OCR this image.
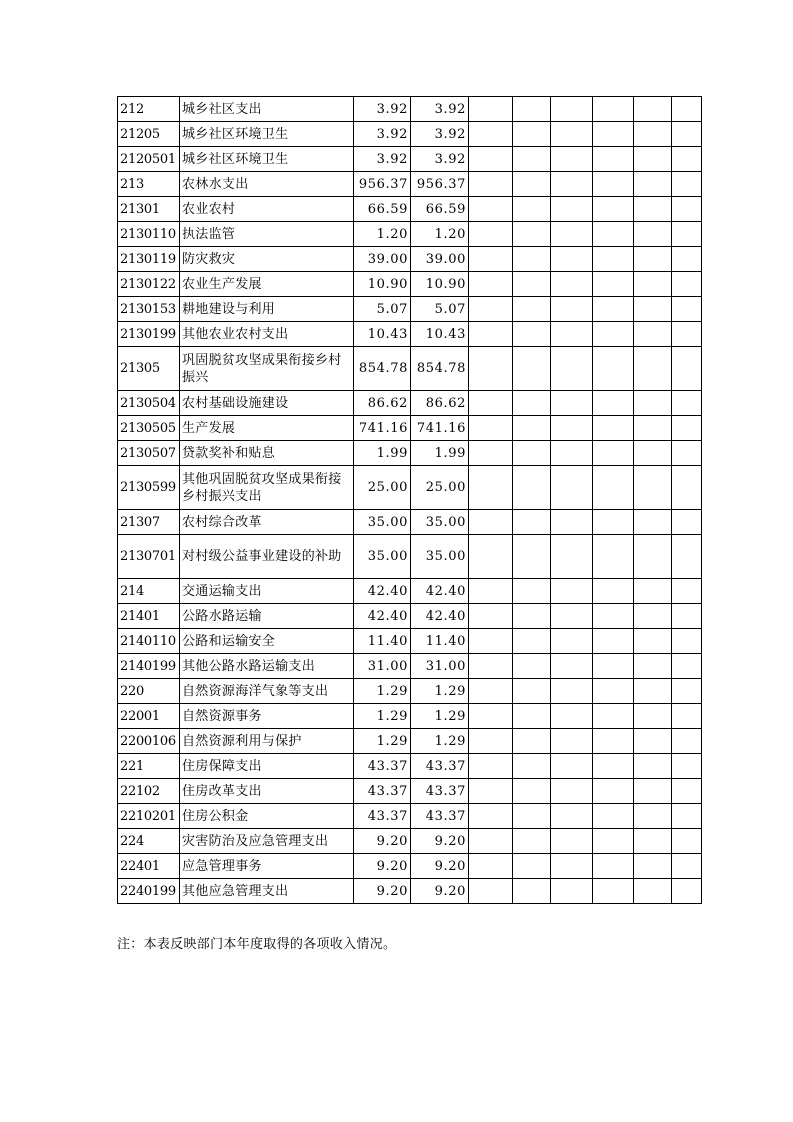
212	城乡社区支出	3.92	3.92						
21205	城乡社区环境卫生	3.92	3.92						
2120501	城乡社区环境卫生	3.92	3.92						
213	农林水支出	956.37	956.37						
21301	农业农村	66.59	66.59						
2130110	执法监管	1.20	1.20						
2130119	防灾救灾	39.00	39.00						
2130122	农业生产发展	10.90	10.90						
2130153	耕地建设与利用	5.07	5.07						
2130199	其他农业农村支出	10.43	10.43						
21305	巩固脱贫攻坚成果衔接乡村振兴	854.78	854.78						
2130504	农村基础设施建设	86.62	86.62						
2130505	生产发展	741.16	741.16						
2130507	贷款奖补和贴息	1.99	1.99						
2130599	其他巩固脱贫攻坚成果衔接乡村振兴支出	25.00	25.00						
21307	农村综合改革	35.00	35.00						
2130701	对村级公益事业建设的补助	35.00	35.00						
214	交通运输支出	42.40	42.40						
21401	公路水路运输	42.40	42.40						
2140110	公路和运输安全	11.40	11.40						
2140199	其他公路水路运输支出	31.00	31.00						
220	自然资源海洋气象等支出	1.29	1.29						
22001	自然资源事务	1.29	1.29						
2200106	自然资源利用与保护	1.29	1.29						
221	住房保障支出	43.37	43.37						
22102	住房改革支出	43.37	43.37						
2210201	住房公积金	43.37	43.37						
224	灾害防治及应急管理支出	9.20	9.20						
22401	应急管理事务	9.20	9.20						
2240199	其他应急管理支出	9.20	9.20						
注：本表反映部门本年度取得的各项收入情况。
